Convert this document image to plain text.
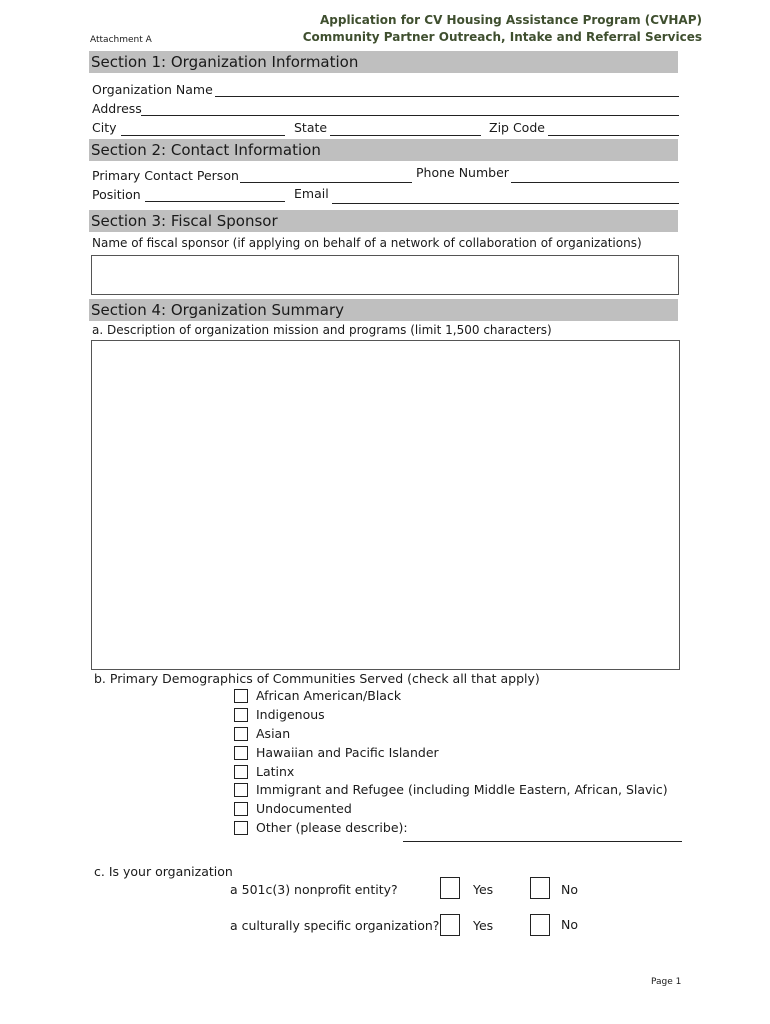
Attachment A
Application for CV Housing Assistance Program (CVHAP)
Community Partner Outreach, Intake and Referral Services
Section 1: Organization Information
Organization Name
Address
City	State	Zip Code
Section 2: Contact Information
Primary Contact Person	Phone Number
Position	Email
Section 3: Fiscal Sponsor
Name of fiscal sponsor (if applying on behalf of a network of collaboration of organizations)
Section 4: Organization Summary
a. Description of organization mission and programs (limit 1,500 characters)
b. Primary Demographics of Communities Served (check all that apply)
African American/Black
Indigenous
Asian
Hawaiian and Pacific Islander
Latinx
Immigrant and Refugee (including Middle Eastern, African, Slavic)
Undocumented
Other (please describe):
c. Is your organization
a 501c(3) nonprofit entity?	Yes	No
a culturally specific organization?	Yes	No
Page 1
